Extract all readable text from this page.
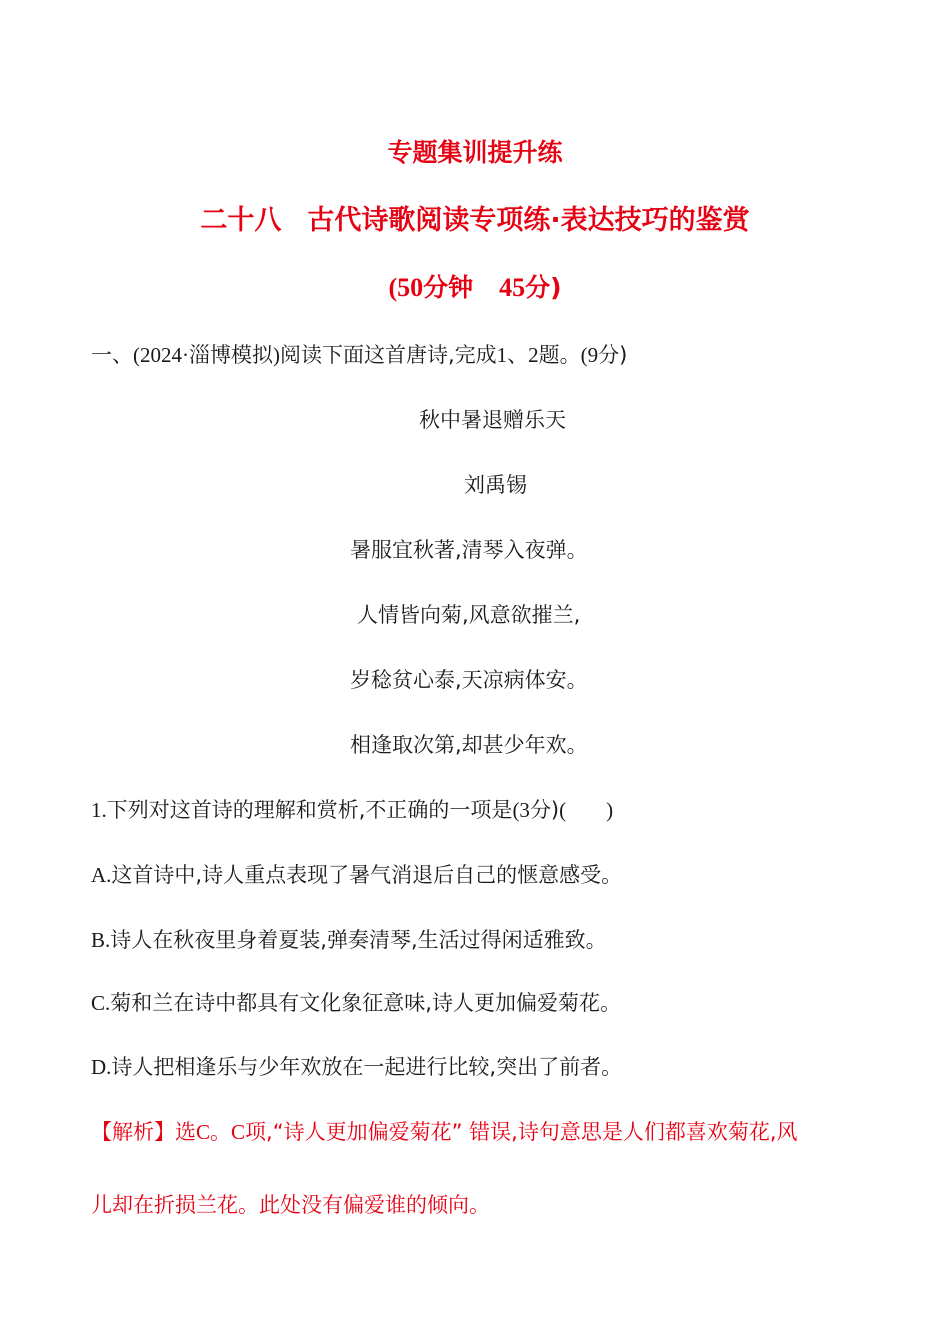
专题集训提升练
二十八 古代诗歌阅读专项练·表达技巧的鉴赏
(50分钟 45分)
一、(2024·淄博模拟)阅读下面这首唐诗,完成1、2题。(9分)
秋中暑退赠乐天
刘禹锡
暑服宜秋著,清琴入夜弹。
人情皆向菊,风意欲摧兰,
岁稔贫心泰,天凉病体安。
相逢取次第,却甚少年欢。
1.下列对这首诗的理解和赏析,不正确的一项是(3分)( )
A.这首诗中,诗人重点表现了暑气消退后自己的惬意感受。
B.诗人在秋夜里身着夏装,弹奏清琴,生活过得闲适雅致。
C.菊和兰在诗中都具有文化象征意味,诗人更加偏爱菊花。
D.诗人把相逢乐与少年欢放在一起进行比较,突出了前者。
【解析】选C。C项,“诗人更加偏爱菊花” 错误,诗句意思是人们都喜欢菊花,风
儿却在折损兰花。此处没有偏爱谁的倾向。
